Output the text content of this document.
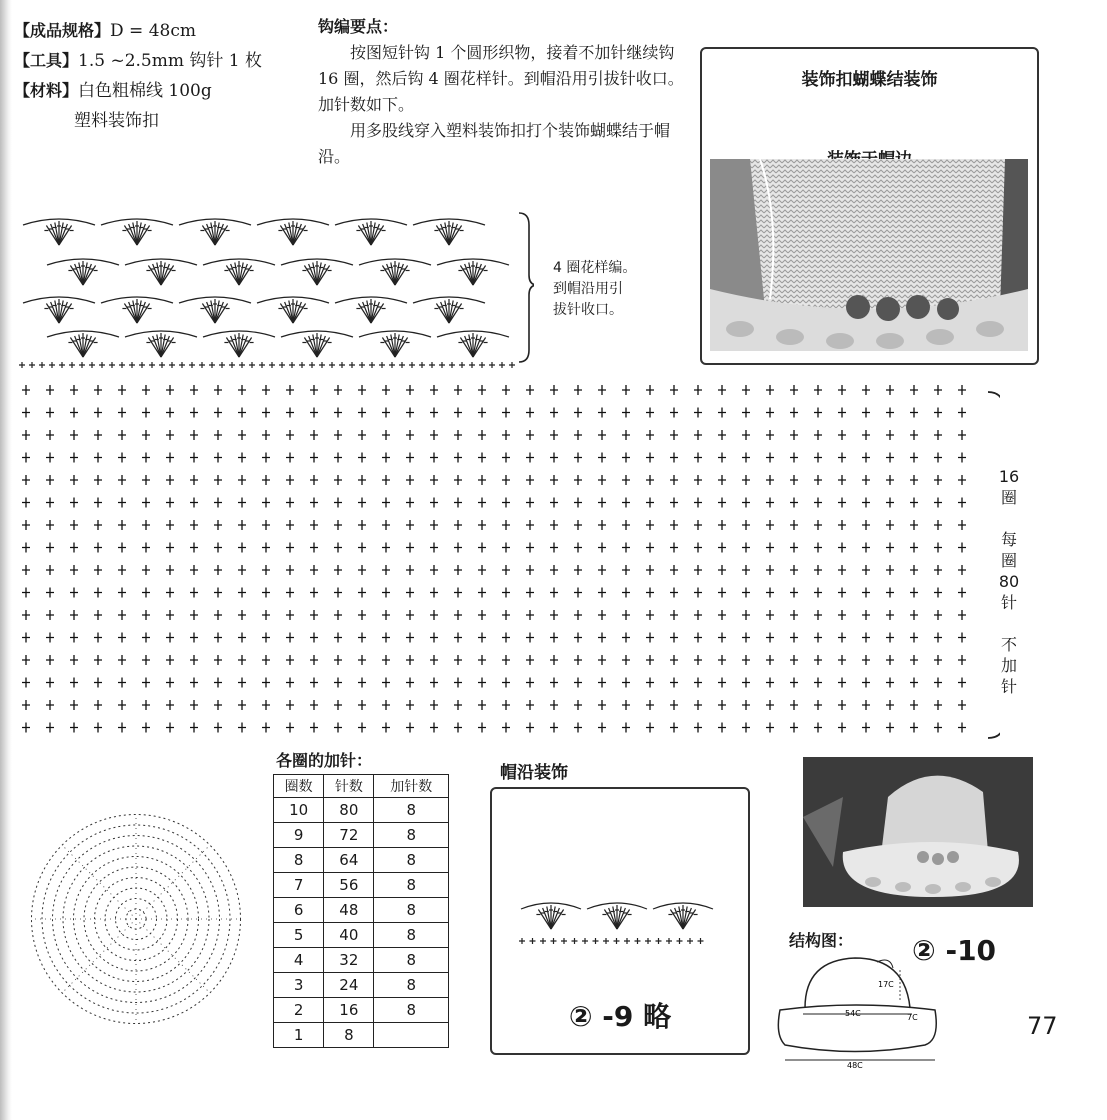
【成品规格】D = 48cm
【工具】1.5 ~2.5mm 钩针 1 枚
【材料】白色粗棉线 100g
塑料装饰扣
钩编要点：

按图短针钩 1 个圆形织物，接着不加针继续钩 16 圈，然后钩 4 圈花样针。到帽沿用引拔针收口。加针数如下。

用多股线穿入塑料装饰扣打个装饰蝴蝶结于帽沿。

装饰扣蝴蝶结装饰
4 圈花样编。
到帽沿用引
拔针收口。
16
圈
每
圈
80
针
不
加
针
各圈的加针：
圈数	针数	加针数
10	80	8
9	72	8
8	64	8
7	56	8
6	48	8
5	40	8
4	32	8
3	24	8
2	16	8
1	8	
帽沿装饰
② -9 略
结构图： ② -10
17C
54C	7C
48C
77
